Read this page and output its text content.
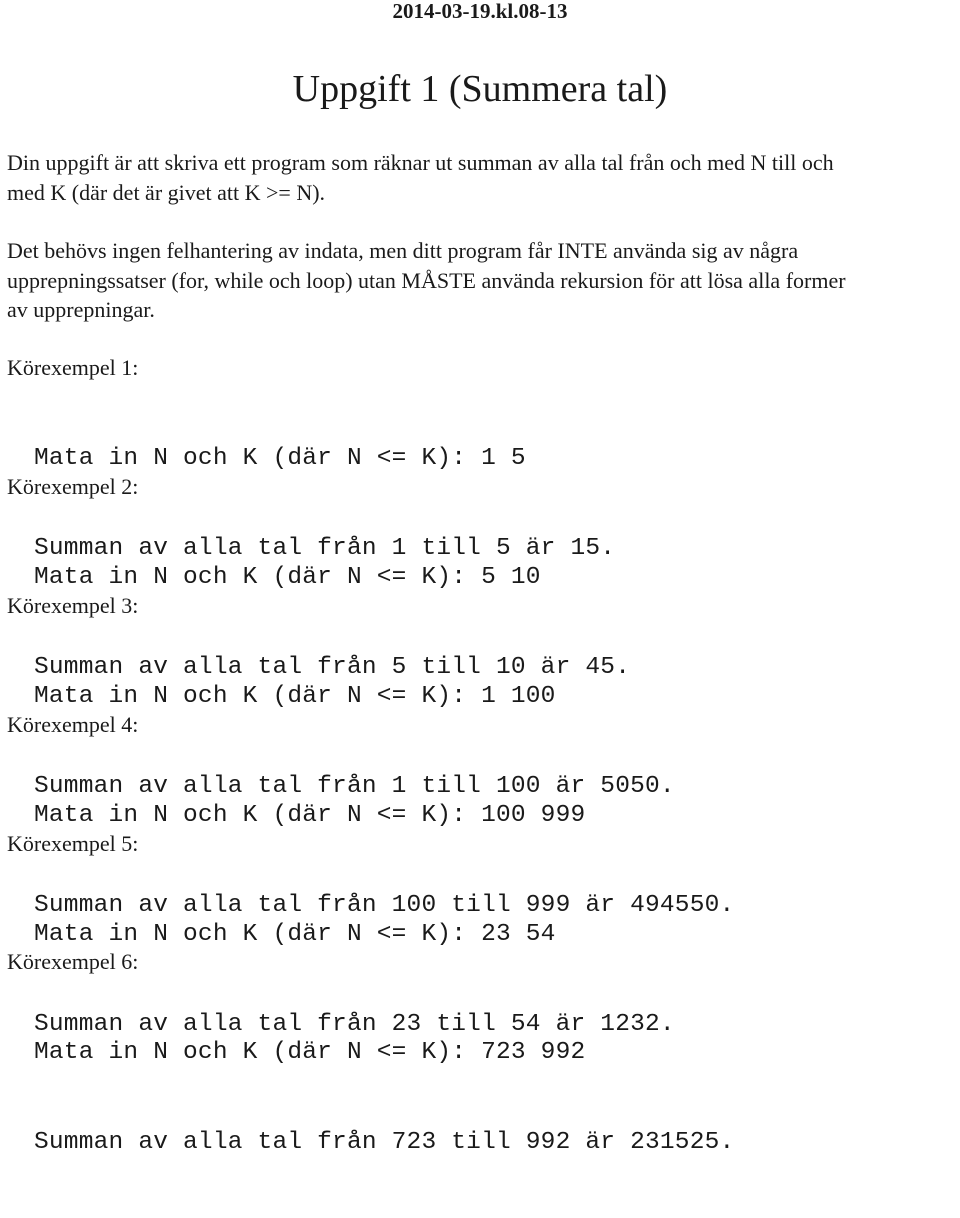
2014-03-19.kl.08-13
Uppgift 1 (Summera tal)

Din uppgift är att skriva ett program som räknar ut summan av alla tal från och med N till och
med K (där det är givet att K >= N).

Det behövs ingen felhantering av indata, men ditt program får INTE använda sig av några
upprepningssatser (for, while och loop) utan MÅSTE använda rekursion för att lösa alla former
av upprepningar.

Körexempel 1:

Mata in N och K (där N <= K): 1 5

Summan av alla tal från 1 till 5 är 15.

Körexempel 2:

Mata in N och K (där N <= K): 5 10

Summan av alla tal från 5 till 10 är 45.

Körexempel 3:

Mata in N och K (där N <= K): 1 100

Summan av alla tal från 1 till 100 är 5050.

Körexempel 4:

Mata in N och K (där N <= K): 100 999

Summan av alla tal från 100 till 999 är 494550.

Körexempel 5:

Mata in N och K (där N <= K): 23 54

Summan av alla tal från 23 till 54 är 1232.

Körexempel 6:

Mata in N och K (där N <= K): 723 992

Summan av alla tal från 723 till 992 är 231525.
